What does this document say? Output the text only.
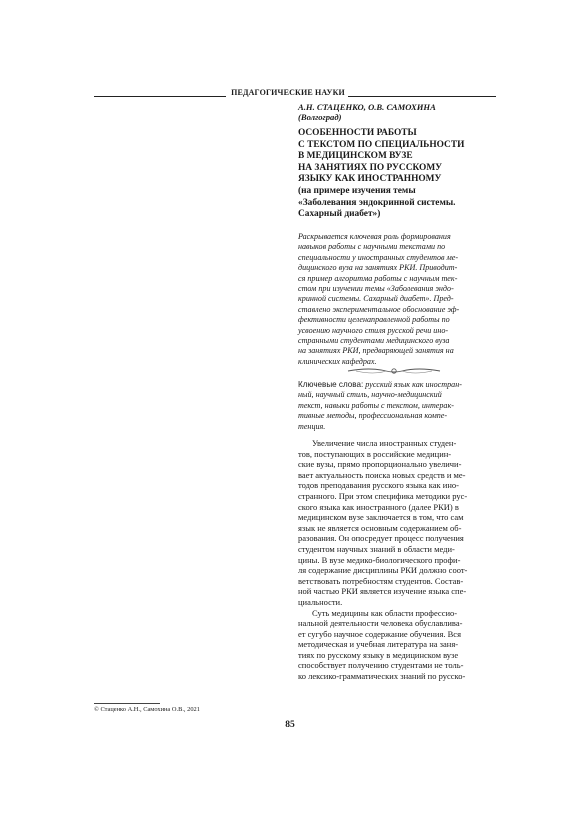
ПЕДАГОГИЧЕСКИЕ НАУКИ
А.Н. СТАЦЕНКО, О.В. САМОХИНА
(Волгоград)
ОСОБЕННОСТИ РАБОТЫ
С ТЕКСТОМ ПО СПЕЦИАЛЬНОСТИ
В МЕДИЦИНСКОМ ВУЗЕ
НА ЗАНЯТИЯХ ПО РУССКОМУ
ЯЗЫКУ КАК ИНОСТРАННОМУ
(на примере изучения темы
«Заболевания эндокринной системы.
Сахарный диабет»)
Раскрывается ключевая роль формирования
навыков работы с научными текстами по
специальности у иностранных студентов ме-
дицинского вуза на занятиях РКИ. Приводит-
ся пример алгоритма работы с научным тек-
стом при изучении темы «Заболевания эндо-
кринной системы. Сахарный диабет». Пред-
ставлено экспериментальное обоснование эф-
фективности целенаправленной работы по
усвоению научного стиля русской речи ино-
странными студентами медицинского вуза
на занятиях РКИ, предваряющей занятия на
клинических кафедрах.
Ключевые слова: русский язык как иностран-
ный, научный стиль, научно-медицинский
текст, навыки работы с текстом, интерак-
тивные методы, профессиональная компе-
тенция.
Увеличение числа иностранных студен-
тов, поступающих в российские медицин-
ские вузы, прямо пропорционально увеличи-
вает актуальность поиска новых средств и ме-
тодов преподавания русского языка как ино-
странного. При этом специфика методики рус-
ского языка как иностранного (далее РКИ) в
медицинском вузе заключается в том, что сам
язык не является основным содержанием об-
разования. Он опосредует процесс получения
студентом научных знаний в области меди-
цины. В вузе медико-биологического профи-
ля содержание дисциплины РКИ должно соот-
ветствовать потребностям студентов. Состав-
ной частью РКИ является изучение языка спе-
циальности.
Суть медицины как области профессио-
нальной деятельности человека обуславлива-
ет сугубо научное содержание обучения. Вся
методическая и учебная литература на заня-
тиях по русскому языку в медицинском вузе
способствует получению студентами не толь-
ко лексико-грамматических знаний по русско-
© Стаценко А.Н., Самохина О.В., 2021
85
